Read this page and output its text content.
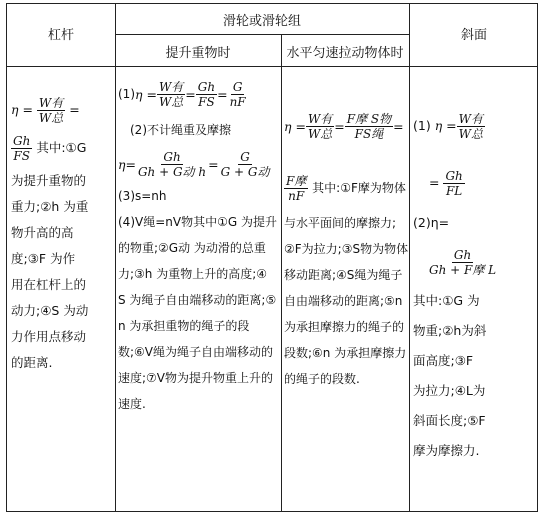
杠杆
滑轮或滑轮组
提升重物时	水平匀速拉动物体时
斜面
η =
$\frac{\text{W有}}{\text{W总}}$
=
$\frac{Gh}{FS}$
其中:①G
为提升重物的
重力;②h 为重
物升高的高
度;③F 为作
用在杠杆上的
动力;④S 为动
力作用点移动
的距离.
(1) $\eta = \frac{\text{W有}}{\text{W总}} = \frac{Gh}{FS} = \frac{G}{nF}$
(2)不计绳重及摩擦
$\eta= \frac{Gh}{\text{Gh + G动 h}} = \frac{G}{\text{G + G动}}$
(3)s=nh
(4)V绳=nV物其中①G 为提升
的物重;②G动 为动滑的总重
力;③h 为重物上升的高度;④
S 为绳子自由端移动的距离;⑤
n 为承担重物的绳子的段
数;⑥V绳为绳子自由端移动的
速度;⑦V物为提升物重上升的
速度.
$\eta = \frac{\text{W有}}{\text{W总}} = \frac{\text{F摩 S物}}{\text{FS绳}}$ =
$\frac{\text{F摩}}{nF}$
其中:①F摩为物体
与水平面间的摩擦力;
②F为拉力;③S物为物体
移动距离;④S绳为绳子
自由端移动的距离;⑤n
为承担摩擦力的绳子的
段数;⑥n 为承担摩擦力
的绳子的段数.
(1)
$\eta = \frac{\text{W有}}{\text{W总}}$
=
$\frac{Gh}{FL}$
(2)η=
$\frac{Gh}{\text{Gh + F摩 L}}$
其中:①G 为
物重;②h为斜
面高度;③F
为拉力;④L为
斜面长度;⑤F
摩为摩擦力.
